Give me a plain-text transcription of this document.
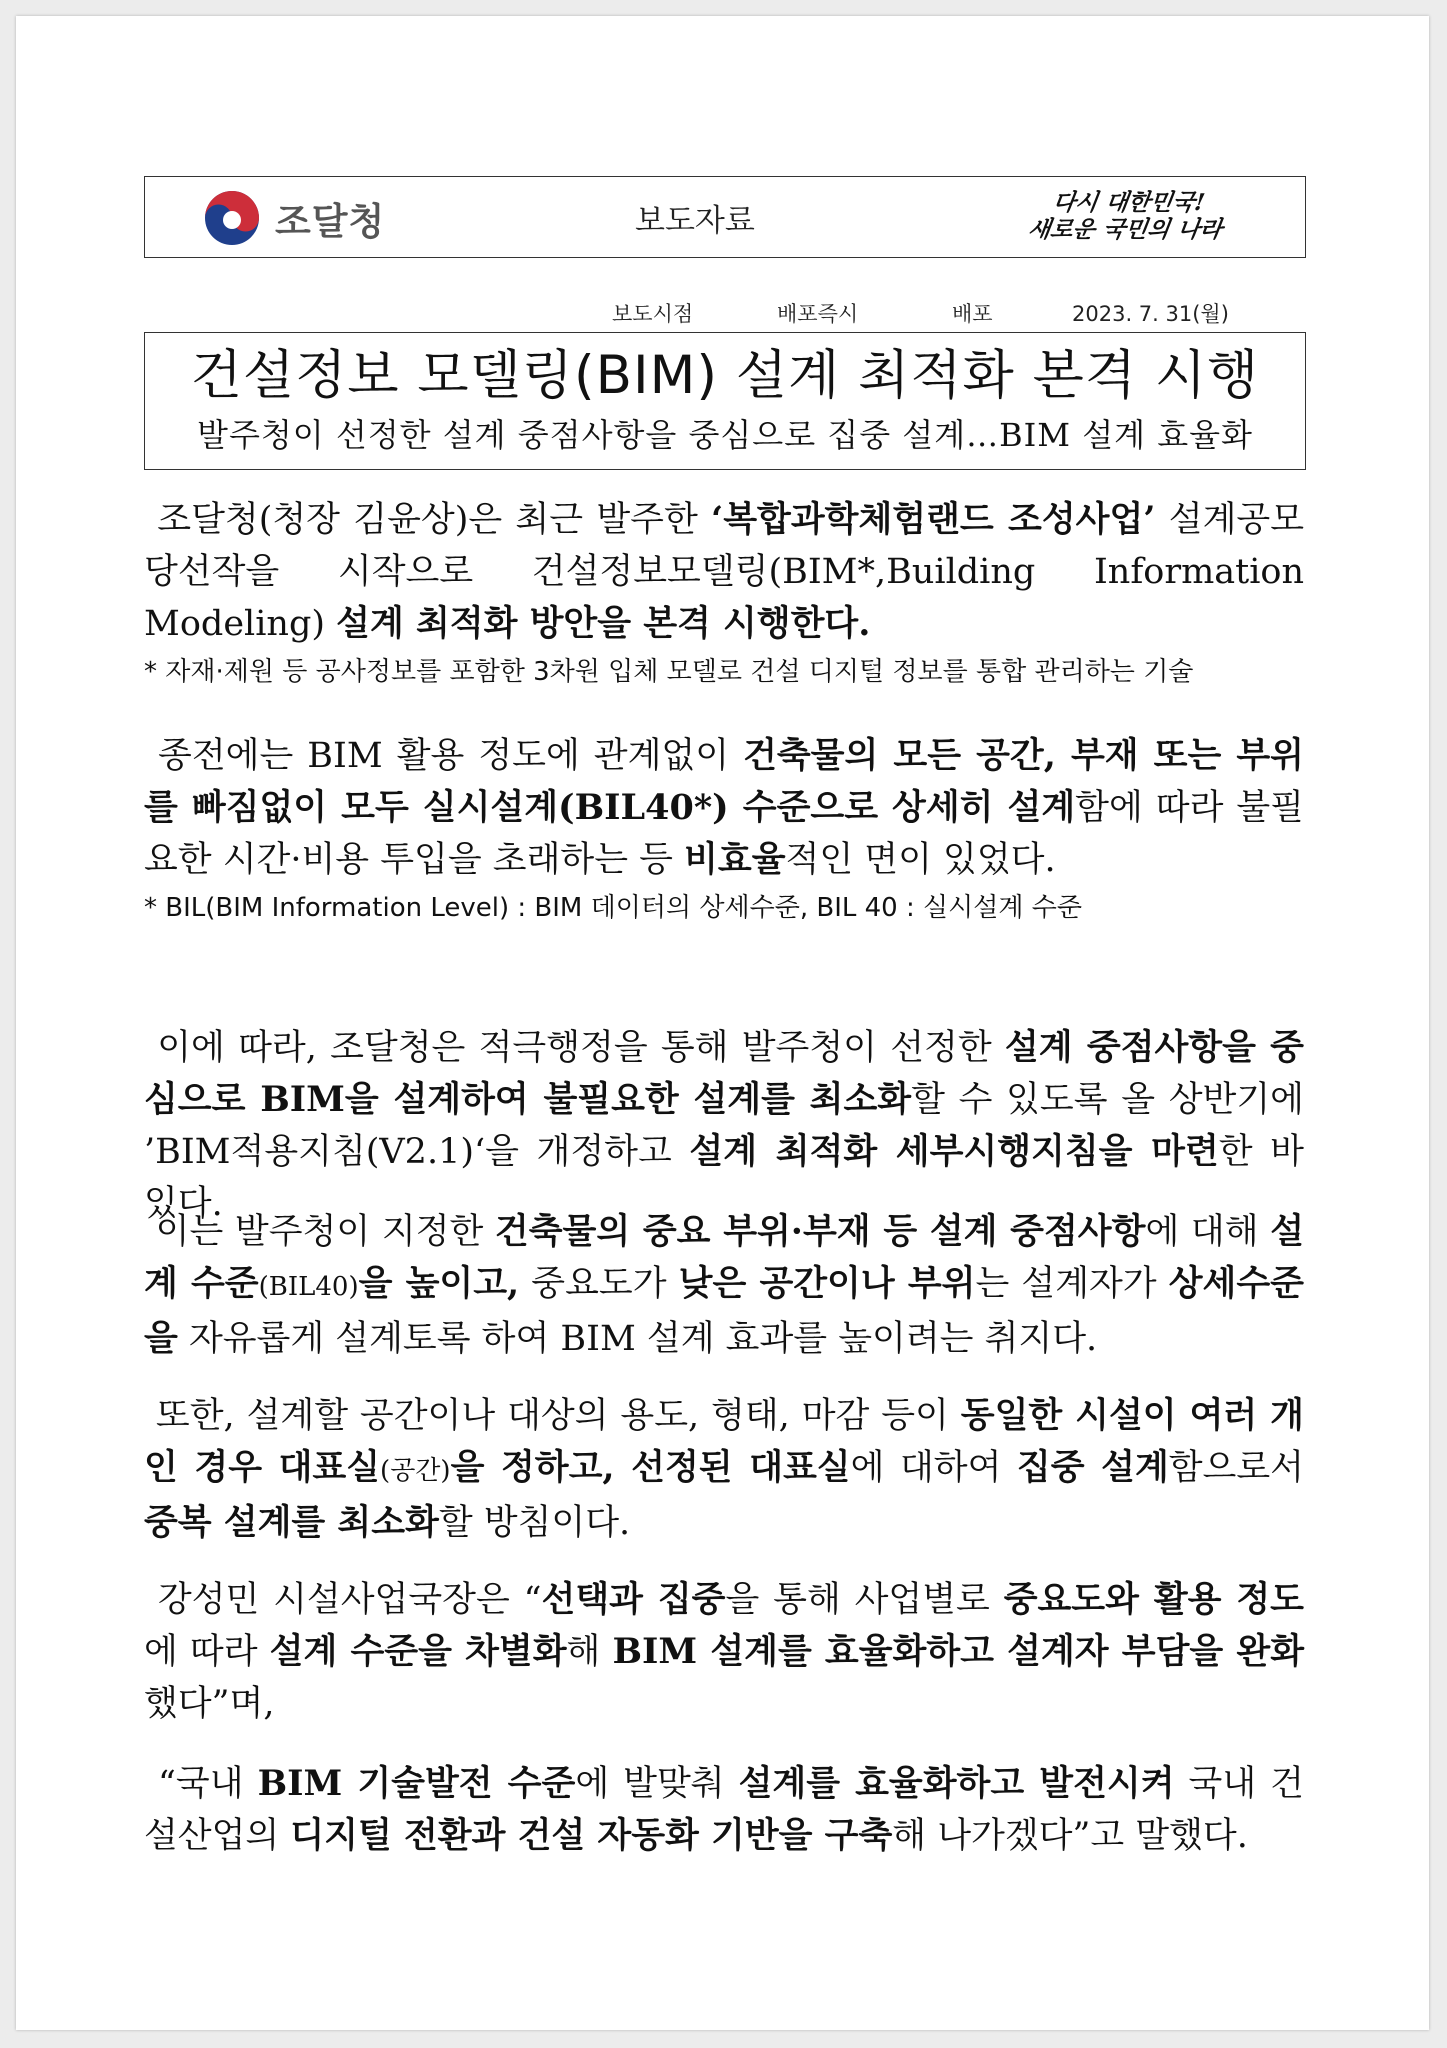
조달청	보도자료
다시 대한민국!
새로운 국민의 나라
보도시점	배포즉시	배포	2023. 7. 31(월)
건설정보 모델링(BIM) 설계 최적화 본격 시행
발주청이 선정한 설계 중점사항을 중심으로 집중 설계…BIM 설계 효율화
조달청(청장 김윤상)은 최근 발주한 ‘복합과학체험랜드 조성사업’ 설계공모 당선작을 시작으로 건설정보모델링(BIM*,Building Information Modeling) 설계 최적화 방안을 본격 시행한다.
* 자재·제원 등 공사정보를 포함한 3차원 입체 모델로 건설 디지털 정보를 통합 관리하는 기술
종전에는 BIM 활용 정도에 관계없이 건축물의 모든 공간, 부재 또는 부위를 빠짐없이 모두 실시설계(BIL40*) 수준으로 상세히 설계함에 따라 불필요한 시간·비용 투입을 초래하는 등 비효율적인 면이 있었다.
* BIL(BIM Information Level) : BIM 데이터의 상세수준, BIL 40 : 실시설계 수준
이에 따라, 조달청은 적극행정을 통해 발주청이 선정한 설계 중점사항을 중심으로 BIM을 설계하여 불필요한 설계를 최소화할 수 있도록 올 상반기에 ’BIM적용지침(V2.1)‘을 개정하고 설계 최적화 세부시행지침을 마련한 바 있다.
이는 발주청이 지정한 건축물의 중요 부위·부재 등 설계 중점사항에 대해 설계 수준(BIL40)을 높이고, 중요도가 낮은 공간이나 부위는 설계자가 상세수준을 자유롭게 설계토록 하여 BIM 설계 효과를 높이려는 취지다.
또한, 설계할 공간이나 대상의 용도, 형태, 마감 등이 동일한 시설이 여러 개인 경우 대표실(공간)을 정하고, 선정된 대표실에 대하여 집중 설계함으로서 중복 설계를 최소화할 방침이다.
강성민 시설사업국장은 “선택과 집중을 통해 사업별로 중요도와 활용 정도에 따라 설계 수준을 차별화해 BIM 설계를 효율화하고 설계자 부담을 완화했다”며,
“국내 BIM 기술발전 수준에 발맞춰 설계를 효율화하고 발전시켜 국내 건설산업의 디지털 전환과 건설 자동화 기반을 구축해 나가겠다”고 말했다.
